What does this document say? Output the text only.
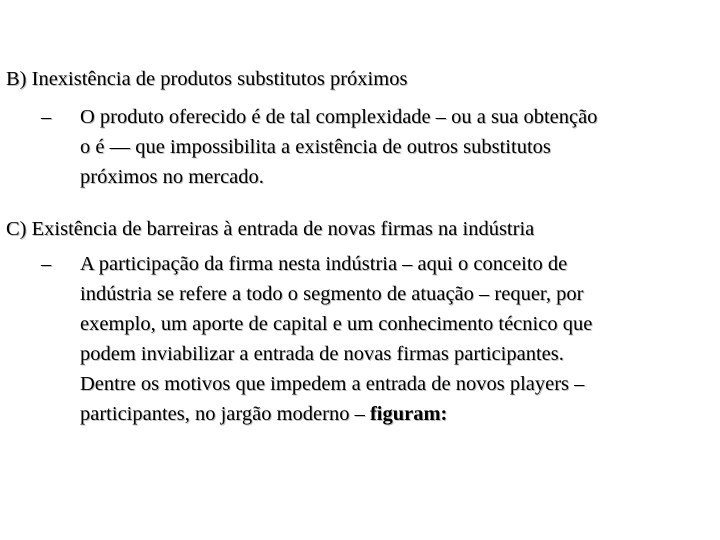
B) Inexistência de produtos substitutos próximos
– O produto oferecido é de tal complexidade – ou a sua obtenção
o é — que impossibilita a existência de outros substitutos
próximos no mercado.
C) Existência de barreiras à entrada de novas firmas na indústria
– A participação da firma nesta indústria – aqui o conceito de
indústria se refere a todo o segmento de atuação – requer, por
exemplo, um aporte de capital e um conhecimento técnico que
podem inviabilizar a entrada de novas firmas participantes.
Dentre os motivos que impedem a entrada de novos players –
participantes, no jargão moderno – figuram:
